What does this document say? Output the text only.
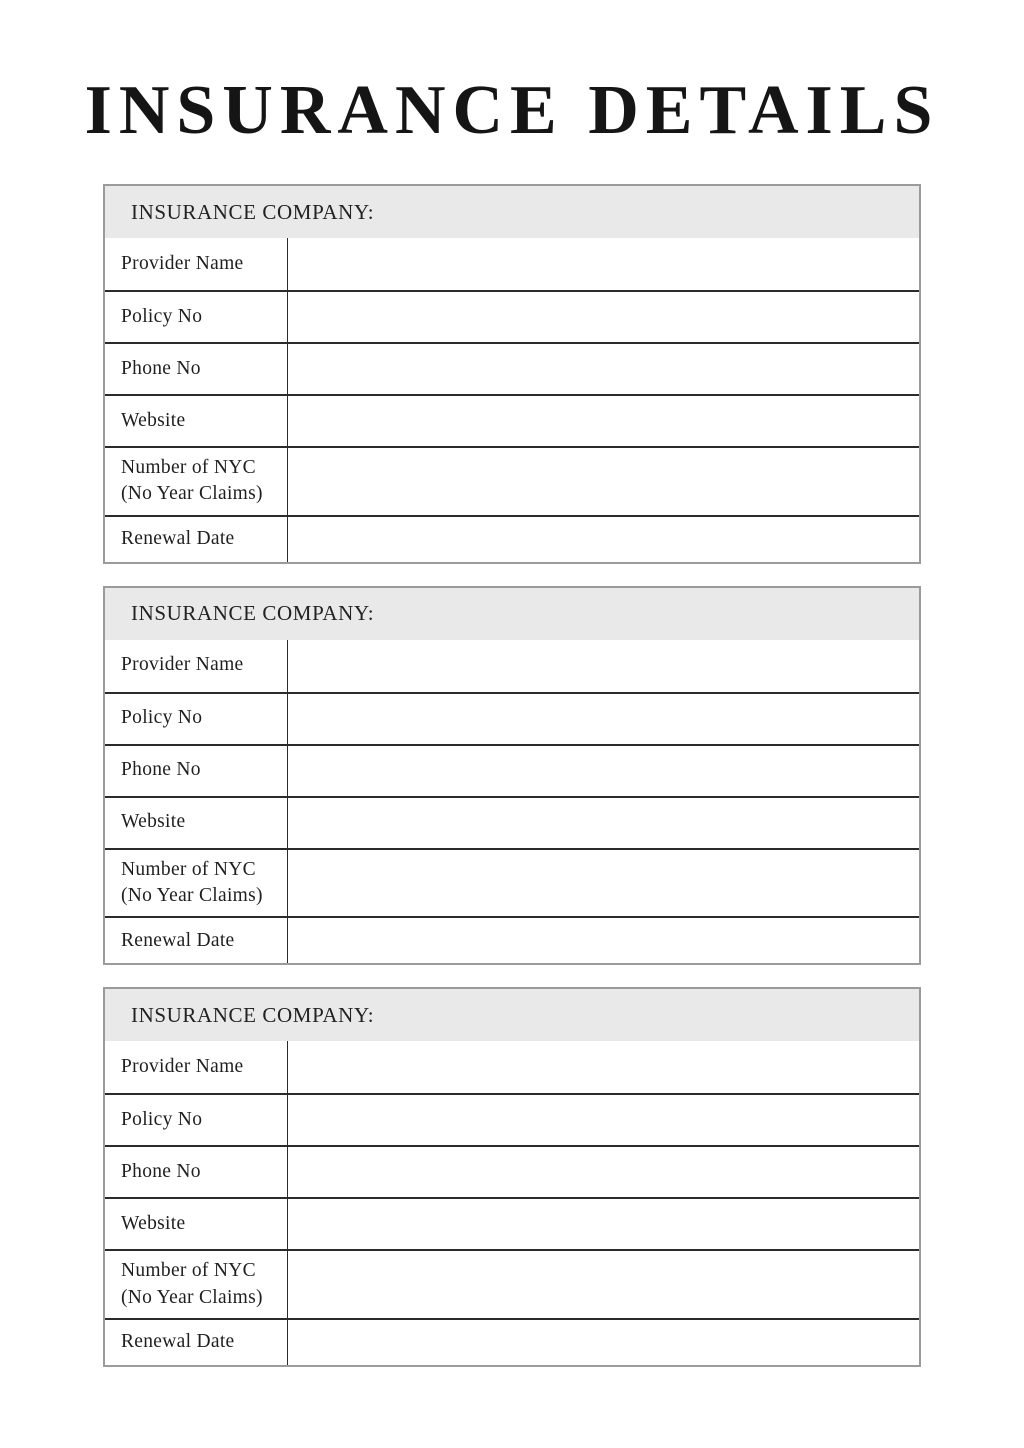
INSURANCE DETAILS
INSURANCE COMPANY:
Provider Name
Policy No
Phone No
Website
Number of NYC (No Year Claims)
Renewal Date
INSURANCE COMPANY:
Provider Name
Policy No
Phone No
Website
Number of NYC (No Year Claims)
Renewal Date
INSURANCE COMPANY:
Provider Name
Policy No
Phone No
Website
Number of NYC (No Year Claims)
Renewal Date
